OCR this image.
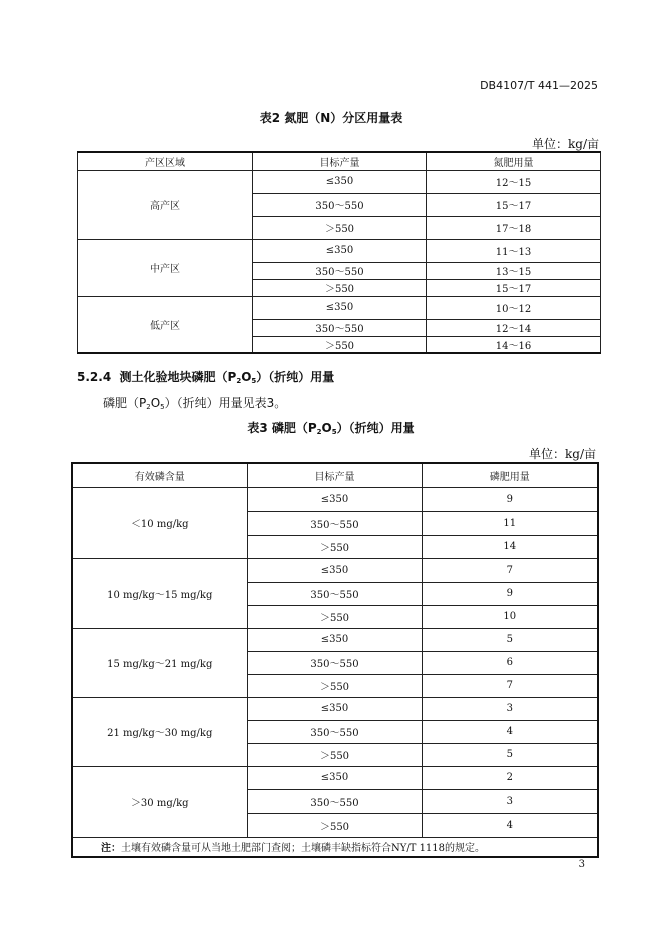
DB4107/T 441—2025
表2 氮肥（N）分区用量表
单位：kg/亩
产区区域	目标产量	氮肥用量
高产区	≤350	12～15
	350～550	15～17
	＞550	17～18
中产区	≤350	11～13
	350～550	13～15
	＞550	15～17
低产区	≤350	10～12
	350～550	12～14
	＞550	14～16
5.2.4 测土化验地块磷肥$(P_2O_5)$（折纯）用量
磷肥$(P_2O_5)$（折纯）用量见表3。
表3 磷肥$(P_2O_5)$（折纯）用量
单位：kg/亩
有效磷含量	目标产量	磷肥用量
＜10 mg/kg	≤350	9
	350～550	11
	＞550	14
10 mg/kg～15 mg/kg	≤350	7
	350～550	9
	＞550	10
15 mg/kg～21 mg/kg	≤350	5
	350～550	6
	＞550	7
21 mg/kg～30 mg/kg	≤350	3
	350～550	4
	＞550	5
＞30 mg/kg	≤350	2
	350～550	3
	＞550	4
注：土壤有效磷含量可从当地土肥部门查阅；土壤磷丰缺指标符合NY/T 1118的规定。		
3
